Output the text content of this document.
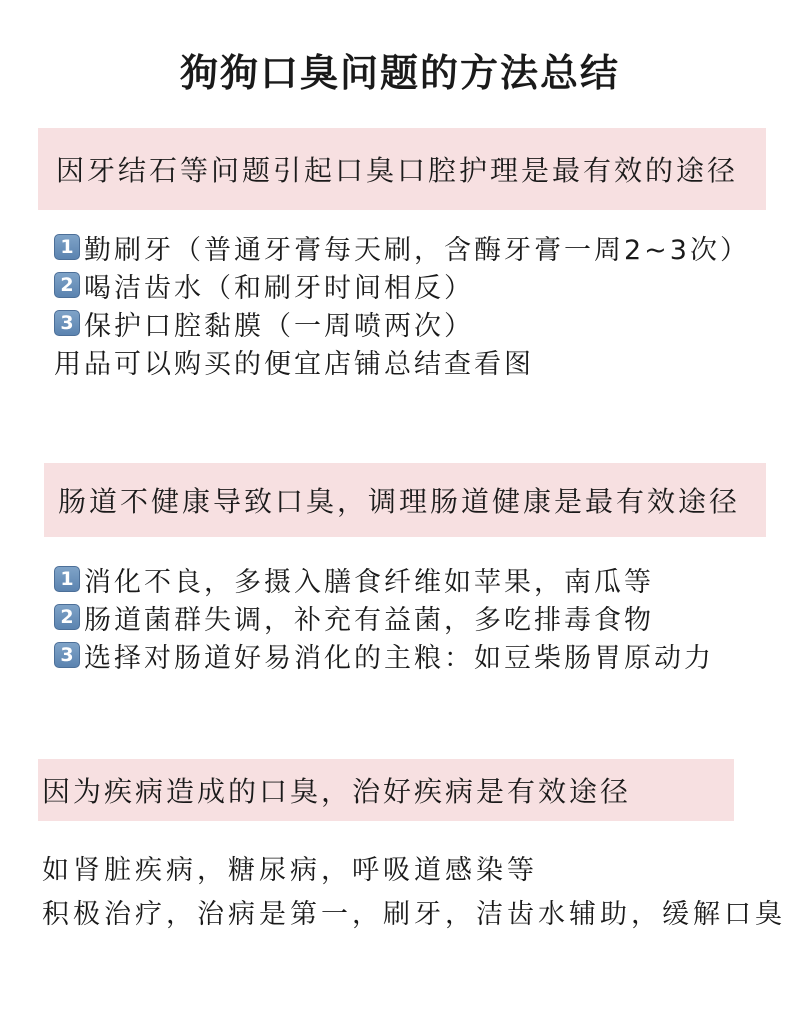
狗狗口臭问题的方法总结
因牙结石等问题引起口臭口腔护理是最有效的途径
1 勤刷牙（普通牙膏每天刷，含酶牙膏一周2~3次）
2 喝洁齿水（和刷牙时间相反）
3 保护口腔黏膜（一周喷两次）
用品可以购买的便宜店铺总结查看图
肠道不健康导致口臭，调理肠道健康是最有效途径
1 消化不良，多摄入膳食纤维如苹果，南瓜等
2 肠道菌群失调，补充有益菌，多吃排毒食物
3 选择对肠道好易消化的主粮：如豆柴肠胃原动力
因为疾病造成的口臭，治好疾病是有效途径
如肾脏疾病，糖尿病，呼吸道感染等
积极治疗，治病是第一，刷牙，洁齿水辅助，缓解口臭
